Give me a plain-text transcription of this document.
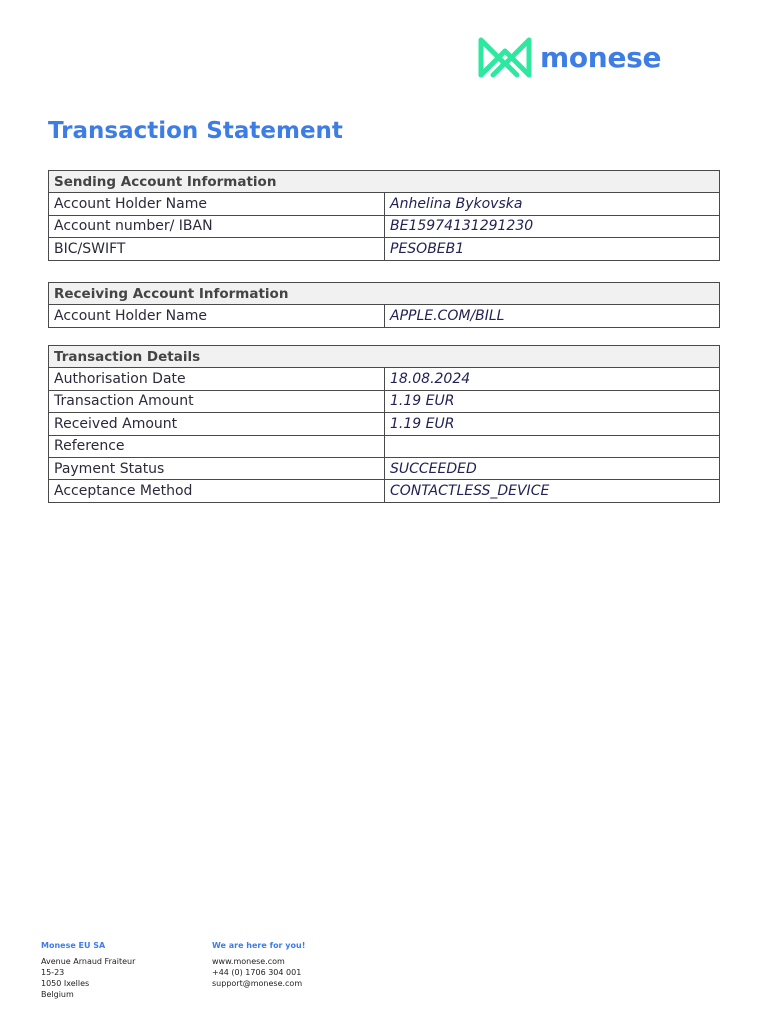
monese
Transaction Statement
Sending Account Information	
Account Holder Name	Anhelina Bykovska
Account number/ IBAN	BE15974131291230
BIC/SWIFT	PESOBEB1
Receiving Account Information
Account Holder Name	APPLE.COM/BILL
Transaction Details	
Authorisation Date	18.08.2024
Transaction Amount	1.19 EUR
Received Amount	1.19 EUR
Reference	
Payment Status	SUCCEEDED
Acceptance Method	CONTACTLESS_DEVICE
Monese EU SA
Avenue Arnaud Fraiteur
15-23
1050 Ixelles
Belgium
We are here for you!
www.monese.com
+44 (0) 1706 304 001
support@monese.com
